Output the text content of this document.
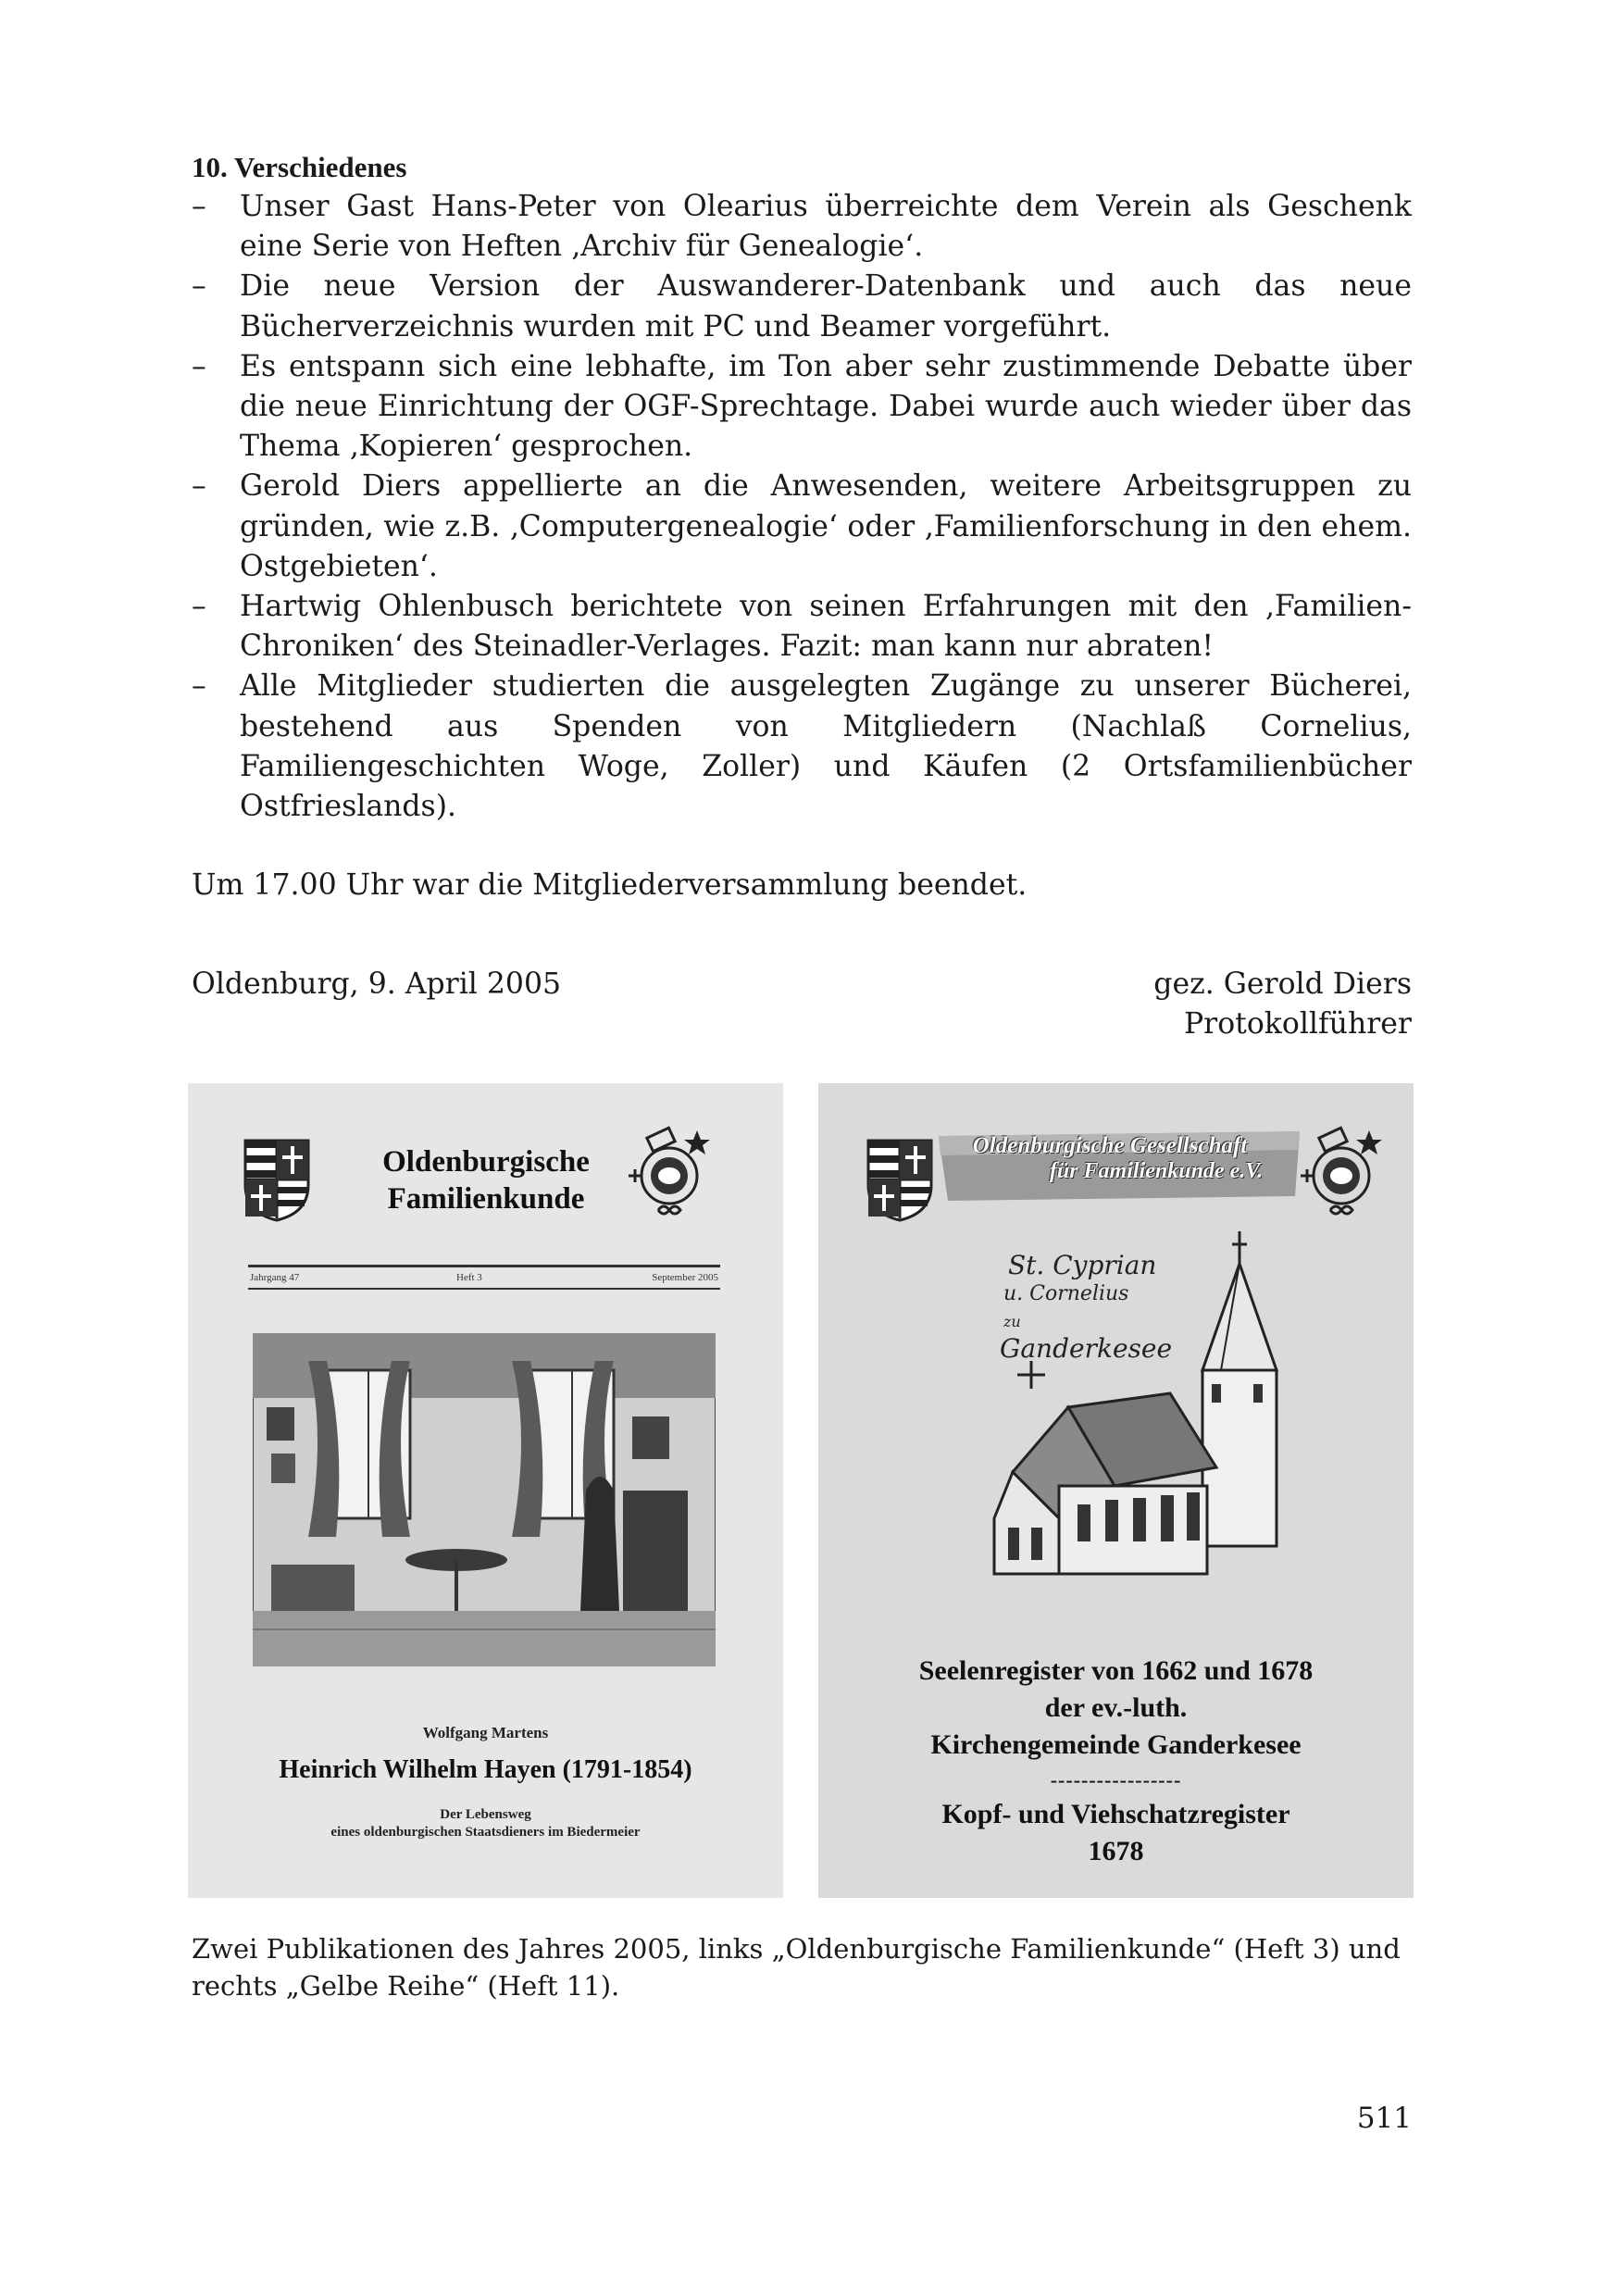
10. Verschiedenes
– Unser Gast Hans-Peter von Olearius überreichte dem Verein als Geschenk eine Serie von Heften ‚Archiv für Genealogie‘.
– Die neue Version der Auswanderer-Datenbank und auch das neue Bücherverzeichnis wurden mit PC und Beamer vorgeführt.
– Es entspann sich eine lebhafte, im Ton aber sehr zustimmende Debatte über die neue Einrichtung der OGF-Sprechtage. Dabei wurde auch wieder über das Thema ‚Kopieren‘ gesprochen.
– Gerold Diers appellierte an die Anwesenden, weitere Arbeitsgruppen zu gründen, wie z.B. ‚Computergenealogie‘ oder ‚Familienforschung in den ehem. Ostgebieten‘.
– Hartwig Ohlenbusch berichtete von seinen Erfahrungen mit den ‚Familien-Chroniken‘ des Steinadler-Verlages. Fazit: man kann nur abraten!
– Alle Mitglieder studierten die ausgelegten Zugänge zu unserer Bücherei, bestehend aus Spenden von Mitgliedern (Nachlaß Cornelius, Familiengeschichten Woge, Zoller) und Käufen (2 Ortsfamilienbücher Ostfrieslands).
Um 17.00 Uhr war die Mitgliederversammlung beendet.
Oldenburg, 9. April 2005	gez. Gerold Diers
Protokollführer
Oldenburgische
Familienkunde
Jahrgang 47	Heft 3	September 2005
Wolfgang Martens
Heinrich Wilhelm Hayen (1791-1854)
Der Lebensweg
eines oldenburgischen Staatsdieners im Biedermeier
Oldenburgische Gesellschaft
für Familienkunde e.V.
St. Cyprian
u. Cornelius
zu
Ganderkesee
Seelenregister von 1662 und 1678
der ev.-luth.
Kirchengemeinde Ganderkesee
-----------------
Kopf- und Viehschatzregister
1678
Zwei Publikationen des Jahres 2005, links „Oldenburgische Familienkunde“ (Heft 3) und rechts „Gelbe Reihe“ (Heft 11).
511
